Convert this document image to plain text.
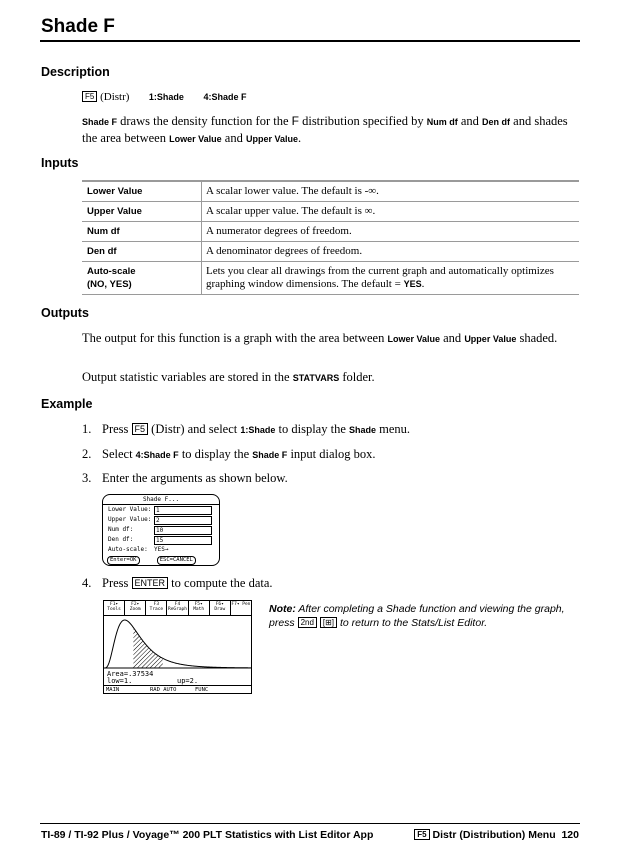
Shade F
Description
F5 (Distr) 1:Shade 4:Shade F
Shade F draws the density function for the F distribution specified by Num df and Den df and shades the area between Lower Value and Upper Value.
Inputs
Lower Value	A scalar lower value. The default is -∞.
Upper Value	A scalar upper value. The default is ∞.
Num df	A numerator degrees of freedom.
Den df	A denominator degrees of freedom.
Auto-scale
(NO, YES)	Lets you clear all drawings from the current graph and automatically optimizes graphing window dimensions. The default = YES.
Outputs
The output for this function is a graph with the area between Lower Value and Upper Value shaded.
Output statistic variables are stored in the STATVARS folder.
Example
1. Press F5 (Distr) and select 1:Shade to display the Shade menu.
2. Select 4:Shade F to display the Shade F input dialog box.
3. Enter the arguments as shown below.
Shade F...
Lower Value: 1
Upper Value: 2
Num df:	10
Den df:	15
Auto-scale: YES→
Enter=OK	ESC=CANCEL
4. Press ENTER to compute the data.
F1▾ Tools
F2▾ Zoom
F3 Trace
F4 ReGraph
F5▾ Math
F6▾ Draw
F7▾ Pen
Area=.37534
low=1.	up=2.
MAIN	RAD AUTO	FUNC
Note: After completing a Shade function and viewing the graph, press 2nd [⊞] to return to the Stats/List Editor.
TI-89 / TI-92 Plus / Voyage™ 200 PLT Statistics with List Editor App	F5 Distr (Distribution) Menu 120
